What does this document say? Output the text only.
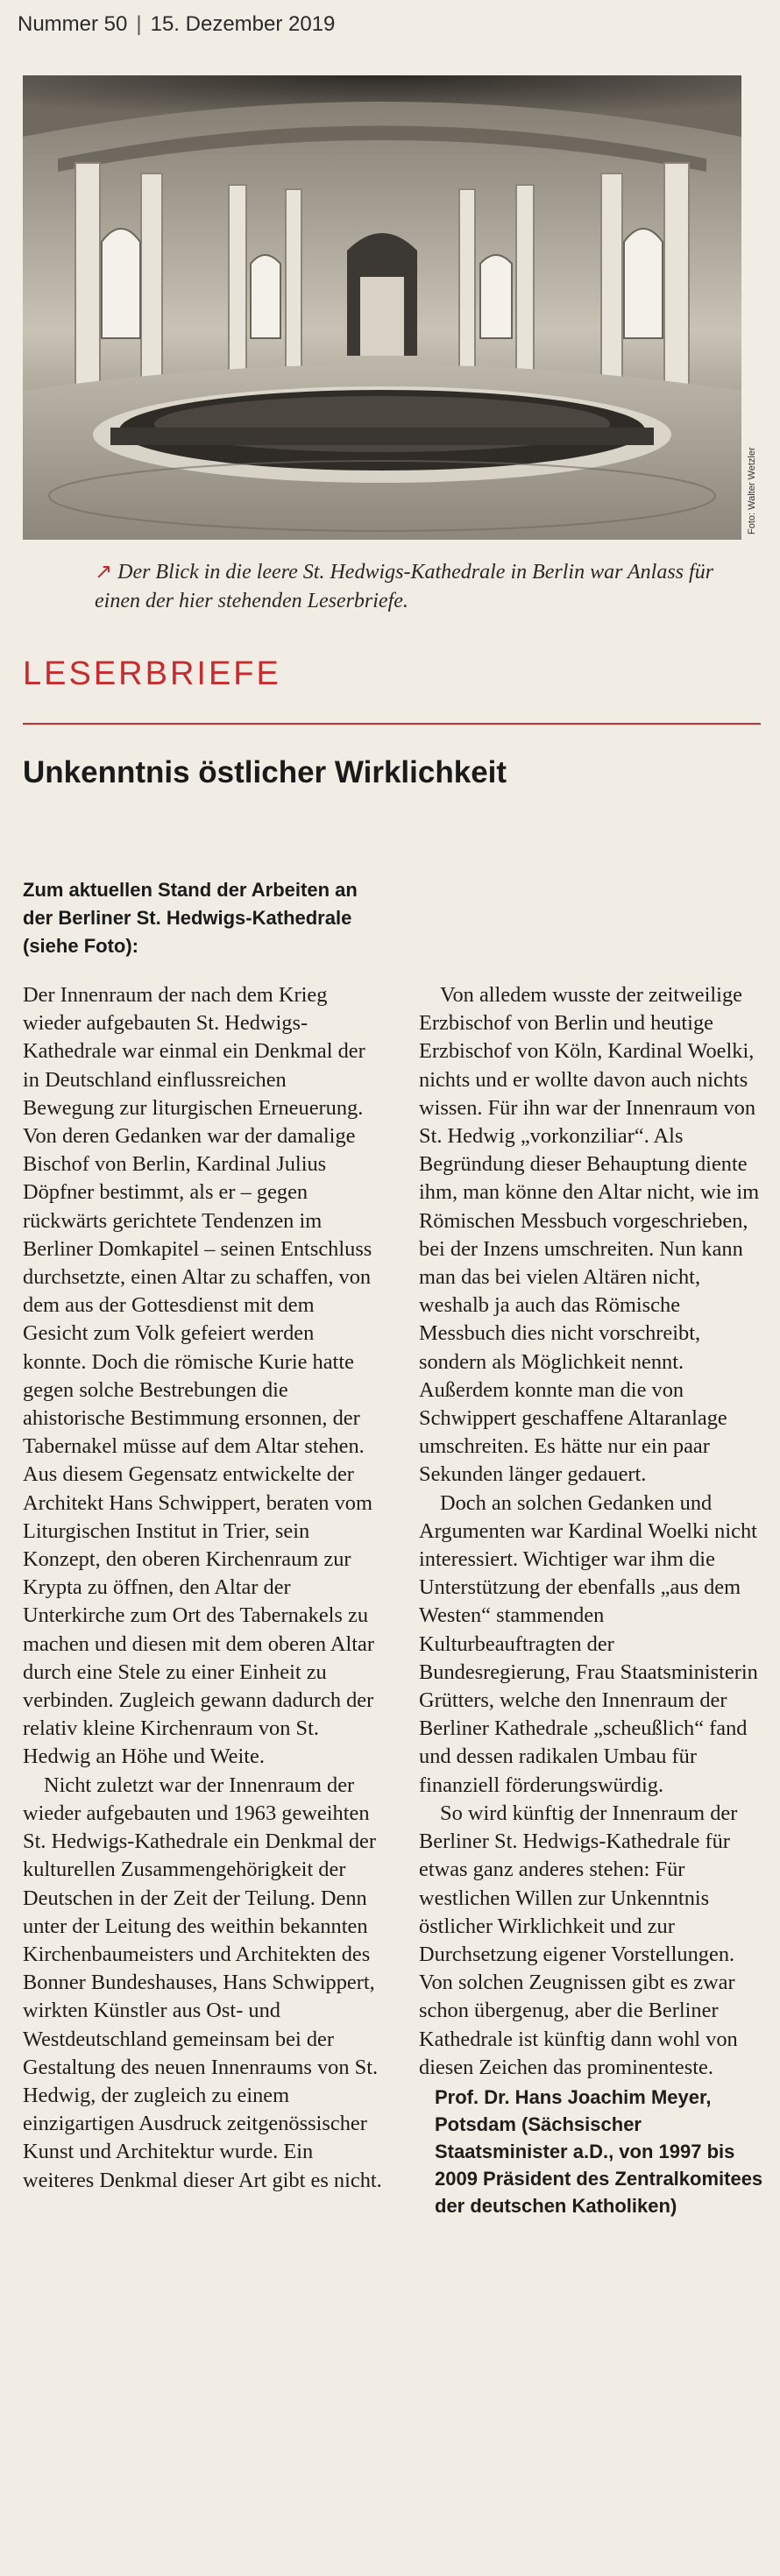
Nummer 50 | 15. Dezember 2019
Foto: Walter Wetzler
↗ Der Blick in die leere St. Hedwigs-Kathedrale in Berlin war Anlass für einen der hier stehenden Leserbriefe.
LESERBRIEFE
Unkenntnis östlicher Wirklichkeit
Zum aktuellen Stand der Arbeiten an der Berliner St. Hedwigs-Kathedrale (siehe Foto):

Der Innenraum der nach dem Krieg wieder aufgebauten St. Hedwigs-Kathedrale war einmal ein Denkmal der in Deutschland einflussreichen Bewegung zur liturgischen Erneuerung. Von deren Gedanken war der damalige Bischof von Berlin, Kardinal Julius Döpfner bestimmt, als er – gegen rückwärts gerichtete Tendenzen im Berliner Domkapitel – seinen Entschluss durchsetzte, einen Altar zu schaffen, von dem aus der Gottesdienst mit dem Gesicht zum Volk gefeiert werden konnte. Doch die römische Kurie hatte gegen solche Bestrebungen die ahistorische Bestimmung ersonnen, der Tabernakel müsse auf dem Altar stehen. Aus diesem Gegensatz entwickelte der Architekt Hans Schwippert, beraten vom Liturgischen Institut in Trier, sein Konzept, den oberen Kirchenraum zur Krypta zu öffnen, den Altar der Unterkirche zum Ort des Tabernakels zu machen und diesen mit dem oberen Altar durch eine Stele zu einer Einheit zu verbinden. Zugleich gewann dadurch der relativ kleine Kirchenraum von St. Hedwig an Höhe und Weite.

Nicht zuletzt war der Innenraum der wieder aufgebauten und 1963 geweihten St. Hedwigs-Kathedrale ein Denkmal der kulturellen Zusammengehörigkeit der Deutschen in der Zeit der Teilung. Denn unter der Leitung des weithin bekannten Kirchenbaumeisters und Architekten des Bonner Bundeshauses, Hans Schwippert, wirkten Künstler aus Ost- und Westdeutschland gemeinsam bei der Gestaltung des neuen Innenraums von St. Hedwig, der zugleich zu einem einzigartigen Ausdruck zeitgenössischer Kunst und Architektur wurde. Ein weiteres Denkmal dieser Art gibt es nicht.

Von alledem wusste der zeitweilige Erzbischof von Berlin und heutige Erzbischof von Köln, Kardinal Woelki, nichts und er wollte davon auch nichts wissen. Für ihn war der Innenraum von St. Hedwig „vorkonziliar“. Als Begründung dieser Behauptung diente ihm, man könne den Altar nicht, wie im Römischen Messbuch vorgeschrieben, bei der Inzens umschreiten. Nun kann man das bei vielen Altären nicht, weshalb ja auch das Römische Messbuch dies nicht vorschreibt, sondern als Möglichkeit nennt. Außerdem konnte man die von Schwippert geschaffene Altaranlage umschreiten. Es hätte nur ein paar Sekunden länger gedauert.

Doch an solchen Gedanken und Argumenten war Kardinal Woelki nicht interessiert. Wichtiger war ihm die Unterstützung der ebenfalls „aus dem Westen“ stammenden Kulturbeauftragten der Bundesregierung, Frau Staatsministerin Grütters, welche den Innenraum der Berliner Kathedrale „scheußlich“ fand und dessen radikalen Umbau für finanziell förderungswürdig.

So wird künftig der Innenraum der Berliner St. Hedwigs-Kathedrale für etwas ganz anderes stehen: Für westlichen Willen zur Unkenntnis östlicher Wirklichkeit und zur Durchsetzung eigener Vorstellungen. Von solchen Zeugnissen gibt es zwar schon übergenug, aber die Berliner Kathedrale ist künftig dann wohl von diesen Zeichen das prominenteste.

Prof. Dr. Hans Joachim Meyer, Potsdam (Sächsischer Staatsminister a.D., von 1997 bis 2009 Präsident des Zentralkomitees der deutschen Katholiken)
